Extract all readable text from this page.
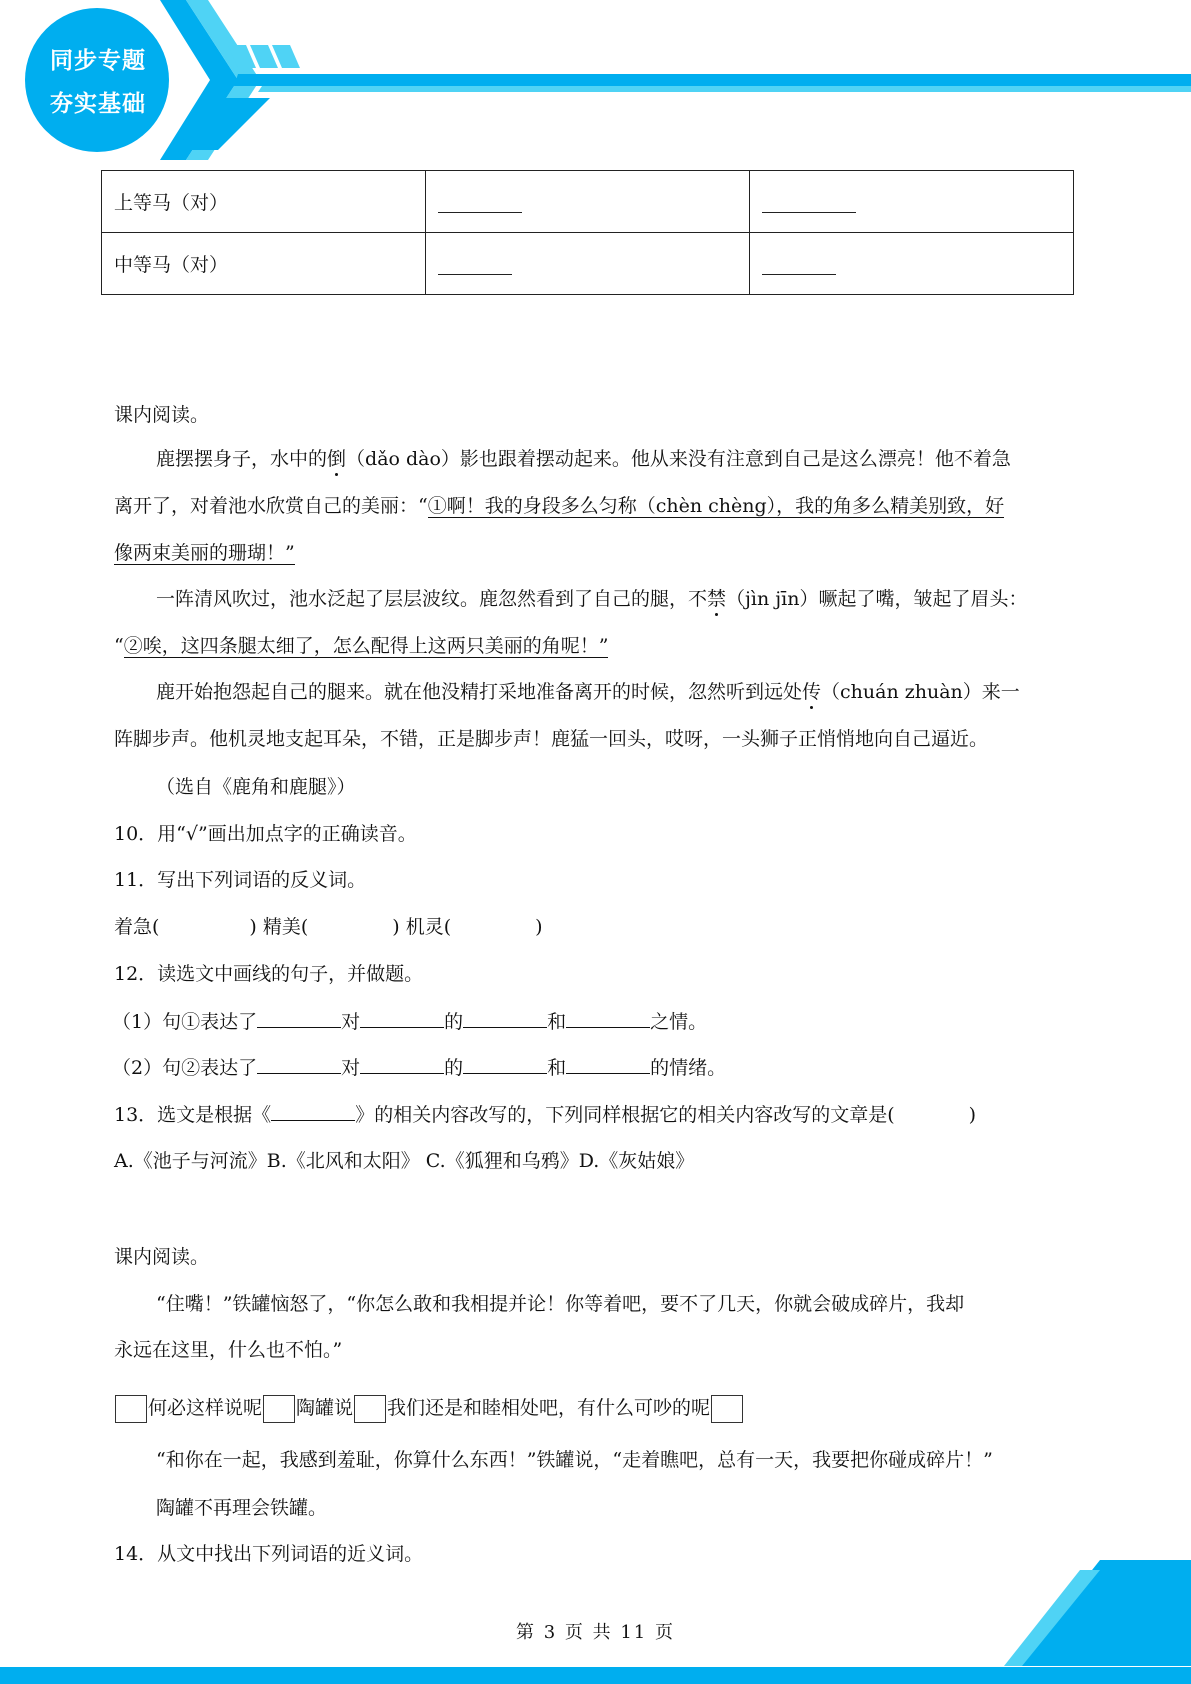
同步专题
夯实基础
上等马（对）		
中等马（对）		
课内阅读。
鹿摆摆身子，水中的倒（dǎo dào）影也跟着摆动起来。他从来没有注意到自己是这么漂亮！他不着急
离开了，对着池水欣赏自己的美丽：“①啊！我的身段多么匀称（chèn chèng），我的角多么精美别致，好
像两束美丽的珊瑚！”
一阵清风吹过，池水泛起了层层波纹。鹿忽然看到了自己的腿，不禁（jìn jīn）噘起了嘴，皱起了眉头：
“②唉，这四条腿太细了，怎么配得上这两只美丽的角呢！”
鹿开始抱怨起自己的腿来。就在他没精打采地准备离开的时候，忽然听到远处传（chuán zhuàn）来一
阵脚步声。他机灵地支起耳朵，不错，正是脚步声！鹿猛一回头，哎呀，一头狮子正悄悄地向自己逼近。
（选自《鹿角和鹿腿》）
10．用“√”画出加点字的正确读音。
11．写出下列词语的反义词。
着急(	) 精美(	) 机灵(	)
12．读选文中画线的句子，并做题。
（1）句①表达了	对	的	和	之情。
（2）句②表达了	对	的	和	的情绪。
13．选文是根据《	》的相关内容改写的，下列同样根据它的相关内容改写的文章是(	)
A.《池子与河流》B.《北风和太阳》 C.《狐狸和乌鸦》D.《灰姑娘》
课内阅读。
“住嘴！”铁罐恼怒了，“你怎么敢和我相提并论！你等着吧，要不了几天，你就会破成碎片，我却
永远在这里，什么也不怕。”
何必这样说呢 陶罐说 我们还是和睦相处吧，有什么可吵的呢
“和你在一起，我感到羞耻，你算什么东西！”铁罐说，“走着瞧吧，总有一天，我要把你碰成碎片！”
陶罐不再理会铁罐。
14．从文中找出下列词语的近义词。
第 3 页 共 11 页
